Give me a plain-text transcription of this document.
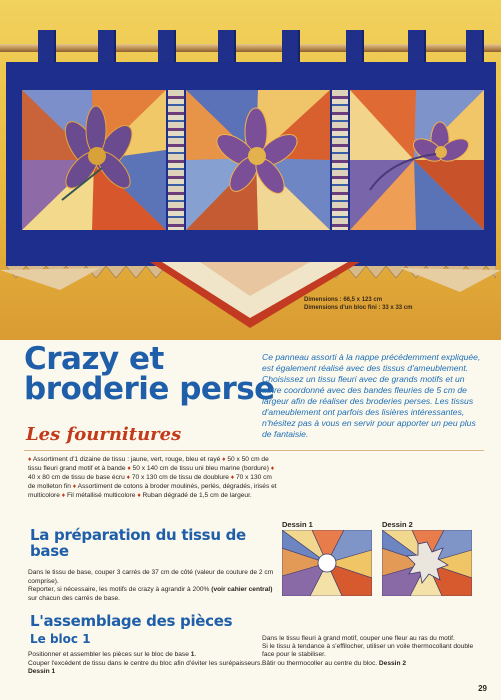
Dimensions : 66,5 x 123 cm
Dimensions d'un bloc fini : 33 x 33 cm
Crazy et
broderie perse

Ce panneau assorti à la nappe précédemment expliquée, est également réalisé avec des tissus d'ameublement. Choisissez un tissu fleuri avec de grands motifs et un autre coordonné avec des bandes fleuries de 5 cm de largeur afin de réaliser des broderies perses. Les tissus d'ameublement ont parfois des lisières intéressantes, n'hésitez pas à vous en servir pour apporter un peu plus de fantaisie.

Les fournitures
♦ Assortiment d'1 dizaine de tissu : jaune, vert, rouge, bleu et rayé ♦ 50 x 50 cm de tissu fleuri grand motif et à bande ♦ 50 x 140 cm de tissu uni bleu marine (bordure) ♦ 40 x 80 cm de tissu de base écru ♦ 70 x 130 cm de tissu de doublure ♦ 70 x 130 cm de molleton fin ♦ Assortiment de cotons à broder moulinés, perlés, dégradés, irisés et multicolore ♦ Fil métallisé multicolore ♦ Ruban dégradé de 1,5 cm de largeur.
La préparation du tissu de base
Dans le tissu de base, couper 3 carrés de 37 cm de côté (valeur de couture de 2 cm comprise).
Reporter, si nécessaire, les motifs de crazy à agrandir à 200% (voir cahier central) sur chacun des carrés de base.
L'assemblage des pièces
Le bloc 1
Positionner et assembler les pièces sur le bloc de base 1.
Couper l'excédent de tissu dans le centre du bloc afin d'éviter les surépaisseurs. Dessin 1
Dessin 1	Dessin 2
Dans le tissu fleuri à grand motif, couper une fleur au ras du motif.
Si le tissu à tendance à s'effilocher, utiliser un voile thermocollant double face pour le stabiliser.
Bâtir ou thermocoller au centre du bloc. Dessin 2
29
